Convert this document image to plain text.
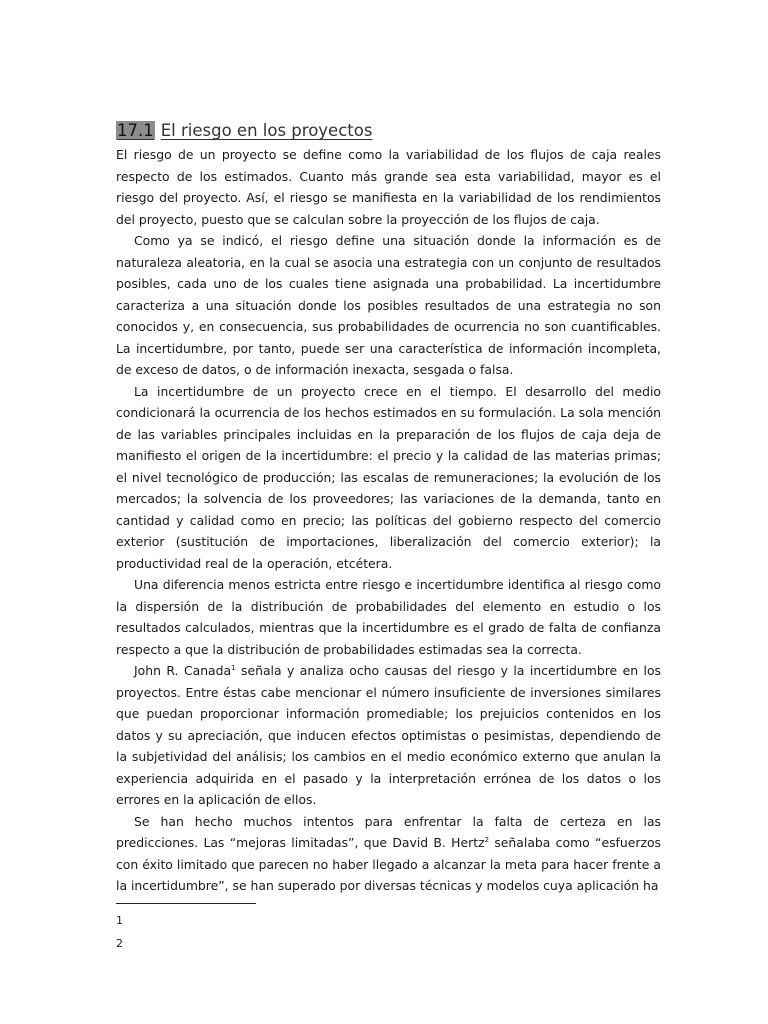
17.1 El riesgo en los proyectos

El riesgo de un proyecto se define como la variabilidad de los flujos de caja reales respecto de los estimados. Cuanto más grande sea esta variabilidad, mayor es el riesgo del proyecto. Así, el riesgo se manifiesta en la variabilidad de los rendimientos del proyecto, puesto que se calculan sobre la proyección de los flujos de caja.

Como ya se indicó, el riesgo define una situación donde la información es de naturaleza aleatoria, en la cual se asocia una estrategia con un conjunto de resultados posibles, cada uno de los cuales tiene asignada una probabilidad. La incertidumbre caracteriza a una situación donde los posibles resultados de una estrategia no son conocidos y, en consecuencia, sus probabilidades de ocurrencia no son cuantificables. La incertidumbre, por tanto, puede ser una característica de información incompleta, de exceso de datos, o de información inexacta, sesgada o falsa.

La incertidumbre de un proyecto crece en el tiempo. El desarrollo del medio condicionará la ocurrencia de los hechos estimados en su formulación. La sola mención de las variables principales incluidas en la preparación de los flujos de caja deja de manifiesto el origen de la incertidumbre: el precio y la calidad de las materias primas; el nivel tecnológico de producción; las escalas de remuneraciones; la evolución de los mercados; la solvencia de los proveedores; las variaciones de la demanda, tanto en cantidad y calidad como en precio; las políticas del gobierno respecto del comercio exterior (sustitución de importaciones, liberalización del comercio exterior); la productividad real de la operación, etcétera.

Una diferencia menos estricta entre riesgo e incertidumbre identifica al riesgo como la dispersión de la distribución de probabilidades del elemento en estudio o los resultados calculados, mientras que la incertidumbre es el grado de falta de confianza respecto a que la distribución de probabilidades estimadas sea la correcta.

John R. Canada$^1$ señala y analiza ocho causas del riesgo y la incertidumbre en los proyectos. Entre éstas cabe mencionar el número insuficiente de inversiones similares que puedan proporcionar información promediable; los prejuicios contenidos en los datos y su apreciación, que inducen efectos optimistas o pesimistas, dependiendo de la subjetividad del análisis; los cambios en el medio económico externo que anulan la experiencia adquirida en el pasado y la interpretación errónea de los datos o los errores en la aplicación de ellos.

Se han hecho muchos intentos para enfrentar la falta de certeza en las predicciones. Las “mejoras limitadas”, que David B. Hertz$^2$ señalaba como “esfuerzos con éxito limitado que parecen no haber llegado a alcanzar la meta para hacer frente a la incertidumbre”, se han superado por diversas técnicas y modelos cuya aplicación ha

1
2
